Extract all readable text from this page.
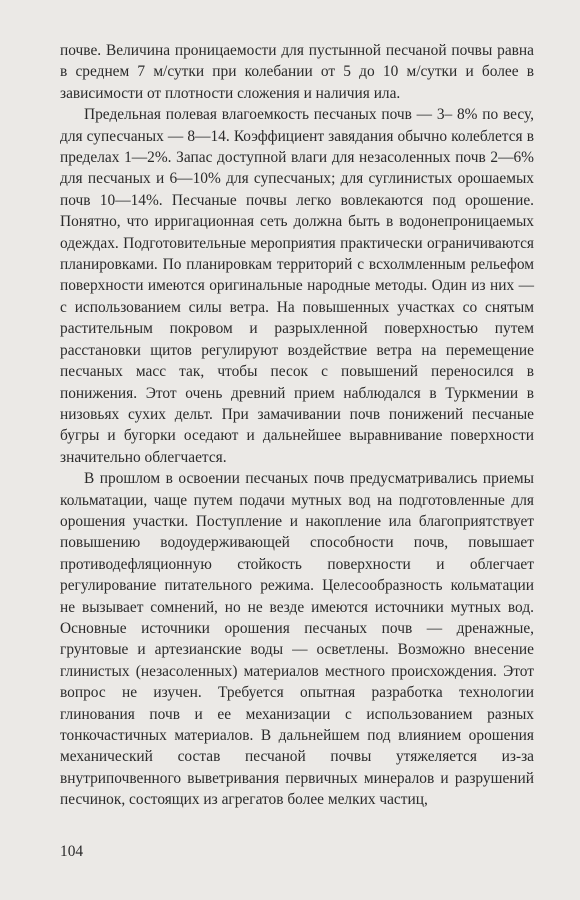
почве. Величина проницаемости для пустынной песчаной почвы равна в среднем 7 м/сутки при колебании от 5 до 10 м/сутки и более в зависимости от плотности сложения и наличия ила.

Предельная полевая влагоемкость песчаных почв — 3– 8% по весу, для супесчаных — 8—14. Коэффициент завядания обычно колеблется в пределах 1—2%. Запас доступной влаги для незасоленных почв 2—6% для песчаных и 6—10% для супесчаных; для суглинистых орошаемых почв 10—14%. Песчаные почвы легко вовлекаются под орошение. Понятно, что ирригационная сеть должна быть в водонепроницаемых одеждах. Подготовительные мероприятия практически ограничиваются планировками. По планировкам территорий с всхолмленным рельефом поверхности имеются оригинальные народные методы. Один из них — с использованием силы ветра. На повышенных участках со снятым растительным покровом и разрыхленной поверхностью путем расстановки щитов регулируют воздействие ветра на перемещение песчаных масс так, чтобы песок с повышений переносился в понижения. Этот очень древний прием наблюдался в Туркмении в низовьях сухих дельт. При замачивании почв понижений песчаные бугры и бугорки оседают и дальнейшее выравнивание поверхности значительно облегчается.

В прошлом в освоении песчаных почв предусматривались приемы кольматации, чаще путем подачи мутных вод на подготовленные для орошения участки. Поступление и накопление ила благоприятствует повышению водоудерживающей способности почв, повышает противодефляционную стойкость поверхности и облегчает регулирование питательного режима. Целесообразность кольматации не вызывает сомнений, но не везде имеются источники мутных вод. Основные источники орошения песчаных почв — дренажные, грунтовые и артезианские воды — осветлены. Возможно внесение глинистых (незасоленных) материалов местного происхождения. Этот вопрос не изучен. Требуется опытная разработка технологии глинования почв и ее механизации с использованием разных тонкочастичных материалов. В дальнейшем под влиянием орошения механический состав песчаной почвы утяжеляется из-за внутрипочвенного выветривания первичных минералов и разрушений песчинок, состоящих из агрегатов более мелких частиц,

104
